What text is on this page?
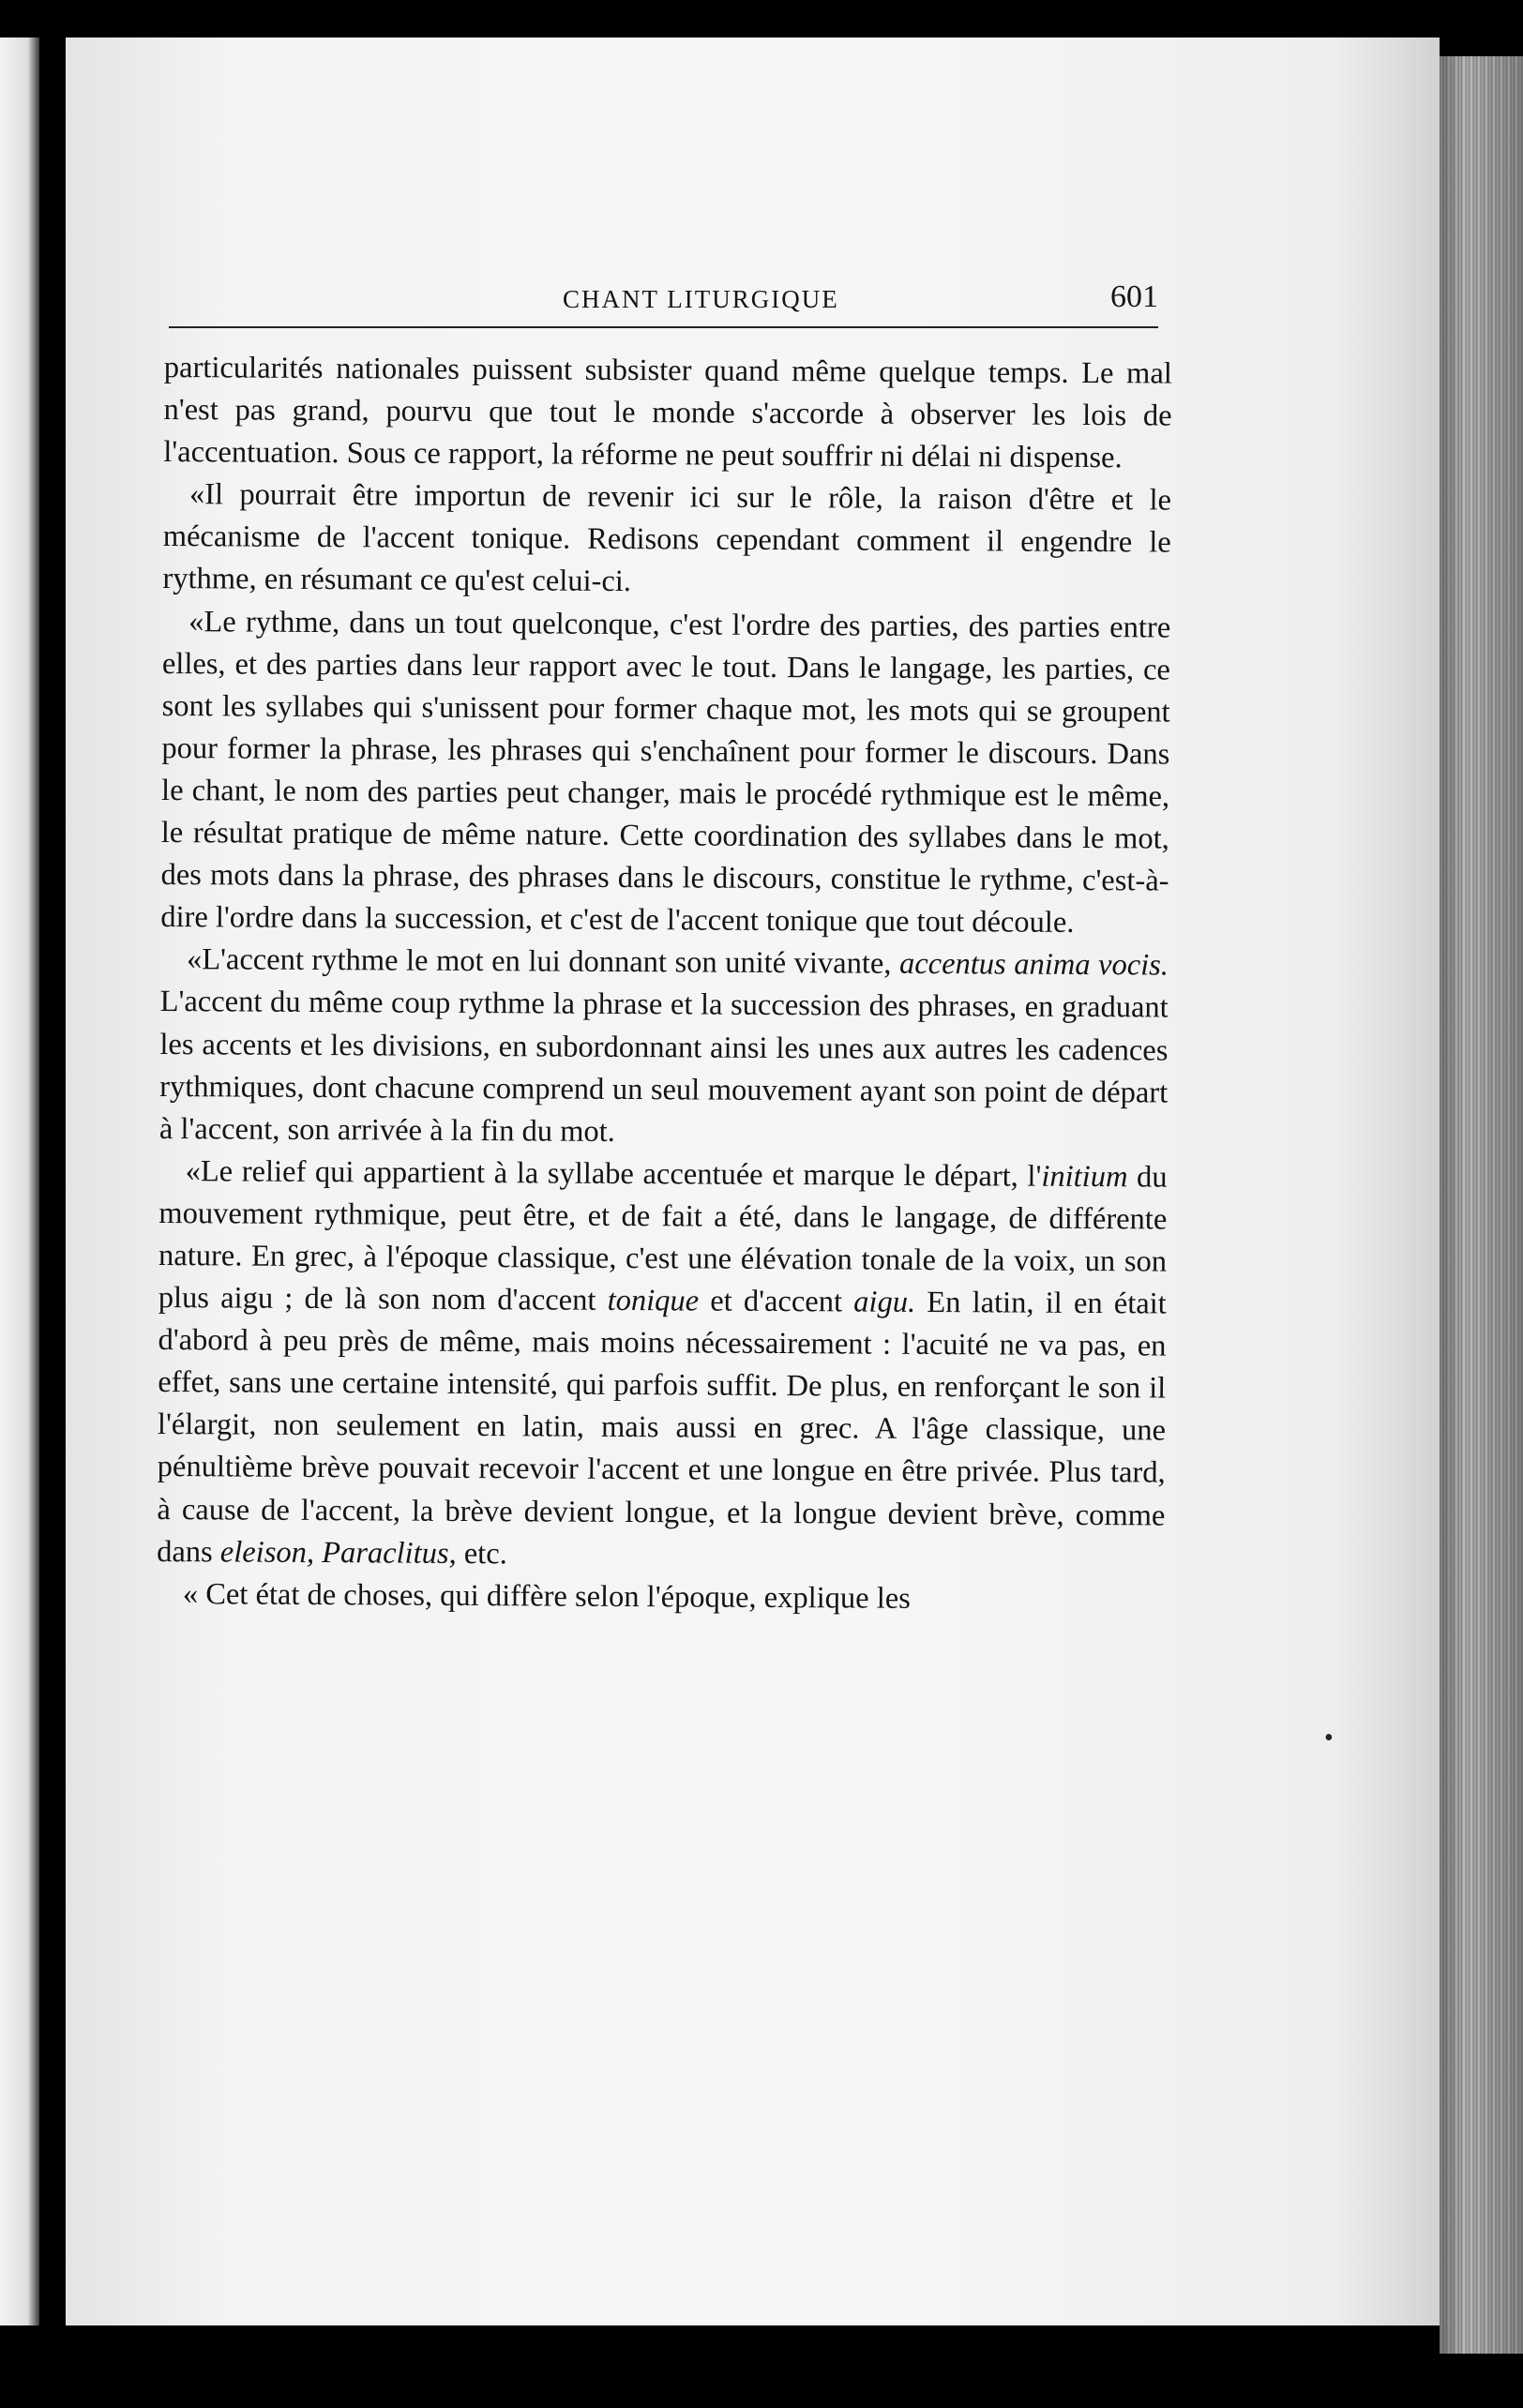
CHANT LITURGIQUE	601

particularités nationales puissent subsister quand même quelque temps. Le mal n'est pas grand, pourvu que tout le monde s'accorde à observer les lois de l'accentuation. Sous ce rapport, la réforme ne peut souffrir ni délai ni dispense.

«Il pourrait être importun de revenir ici sur le rôle, la raison d'être et le mécanisme de l'accent tonique. Redisons cependant comment il engendre le rythme, en résumant ce qu'est celui-ci.

«Le rythme, dans un tout quelconque, c'est l'ordre des parties, des parties entre elles, et des parties dans leur rapport avec le tout. Dans le langage, les parties, ce sont les syllabes qui s'unissent pour former chaque mot, les mots qui se groupent pour former la phrase, les phrases qui s'enchaînent pour former le discours. Dans le chant, le nom des parties peut changer, mais le procédé rythmique est le même, le résultat pratique de même nature. Cette coordination des syllabes dans le mot, des mots dans la phrase, des phrases dans le discours, constitue le rythme, c'est-à-dire l'ordre dans la succession, et c'est de l'accent tonique que tout découle.

«L'accent rythme le mot en lui donnant son unité vivante, accentus anima vocis. L'accent du même coup rythme la phrase et la succession des phrases, en graduant les accents et les divisions, en subordonnant ainsi les unes aux autres les cadences rythmiques, dont chacune comprend un seul mouvement ayant son point de départ à l'accent, son arrivée à la fin du mot.

«Le relief qui appartient à la syllabe accentuée et marque le départ, l'initium du mouvement rythmique, peut être, et de fait a été, dans le langage, de différente nature. En grec, à l'époque classique, c'est une élévation tonale de la voix, un son plus aigu ; de là son nom d'accent tonique et d'accent aigu. En latin, il en était d'abord à peu près de même, mais moins nécessairement : l'acuité ne va pas, en effet, sans une certaine intensité, qui parfois suffit. De plus, en renforçant le son il l'élargit, non seulement en latin, mais aussi en grec. A l'âge classique, une pénultième brève pouvait recevoir l'accent et une longue en être privée. Plus tard, à cause de l'accent, la brève devient longue, et la longue devient brève, comme dans eleison, Paraclitus, etc.

« Cet état de choses, qui diffère selon l'époque, explique les

•
